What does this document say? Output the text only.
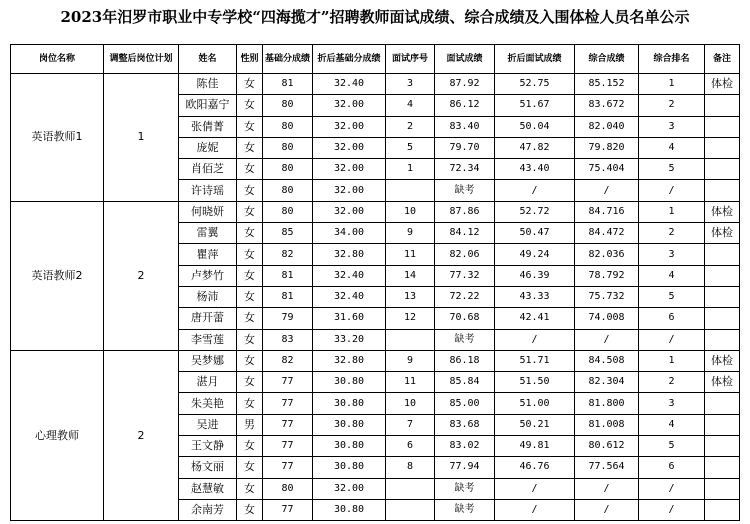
2023年汨罗市职业中专学校“四海揽才”招聘教师面试成绩、综合成绩及入围体检人员名单公示
岗位名称	调整后岗位计划	姓名	性别	基础分成绩	折后基础分成绩	面试序号	面试成绩	折后面试成绩	综合成绩	综合排名	备注
英语教师1	1	陈佳	女	81	32.40	3	87.92	52.75	85.152	1	体检
		欧阳嘉宁	女	80	32.00	4	86.12	51.67	83.672	2	
		张倩菁	女	80	32.00	2	83.40	50.04	82.040	3	
		庞妮	女	80	32.00	5	79.70	47.82	79.820	4	
		肖佰芝	女	80	32.00	1	72.34	43.40	75.404	5	
		许诗瑶	女	80	32.00		缺考	/	/	/	
英语教师2	2	何晓妍	女	80	32.00	10	87.86	52.72	84.716	1	体检
		雷翼	女	85	34.00	9	84.12	50.47	84.472	2	体检
		瞿萍	女	82	32.80	11	82.06	49.24	82.036	3	
		卢梦竹	女	81	32.40	14	77.32	46.39	78.792	4	
		杨沛	女	81	32.40	13	72.22	43.33	75.732	5	
		唐开蕾	女	79	31.60	12	70.68	42.41	74.008	6	
		李雪莲	女	83	33.20		缺考	/	/	/	
心理教师	2	吴梦娜	女	82	32.80	9	86.18	51.71	84.508	1	体检
		湛月	女	77	30.80	11	85.84	51.50	82.304	2	体检
		朱美艳	女	77	30.80	10	85.00	51.00	81.800	3	
		吴进	男	77	30.80	7	83.68	50.21	81.008	4	
		王文静	女	77	30.80	6	83.02	49.81	80.612	5	
		杨文丽	女	77	30.80	8	77.94	46.76	77.564	6	
		赵慧敏	女	80	32.00		缺考	/	/	/	
		余南芳	女	77	30.80		缺考	/	/	/	
